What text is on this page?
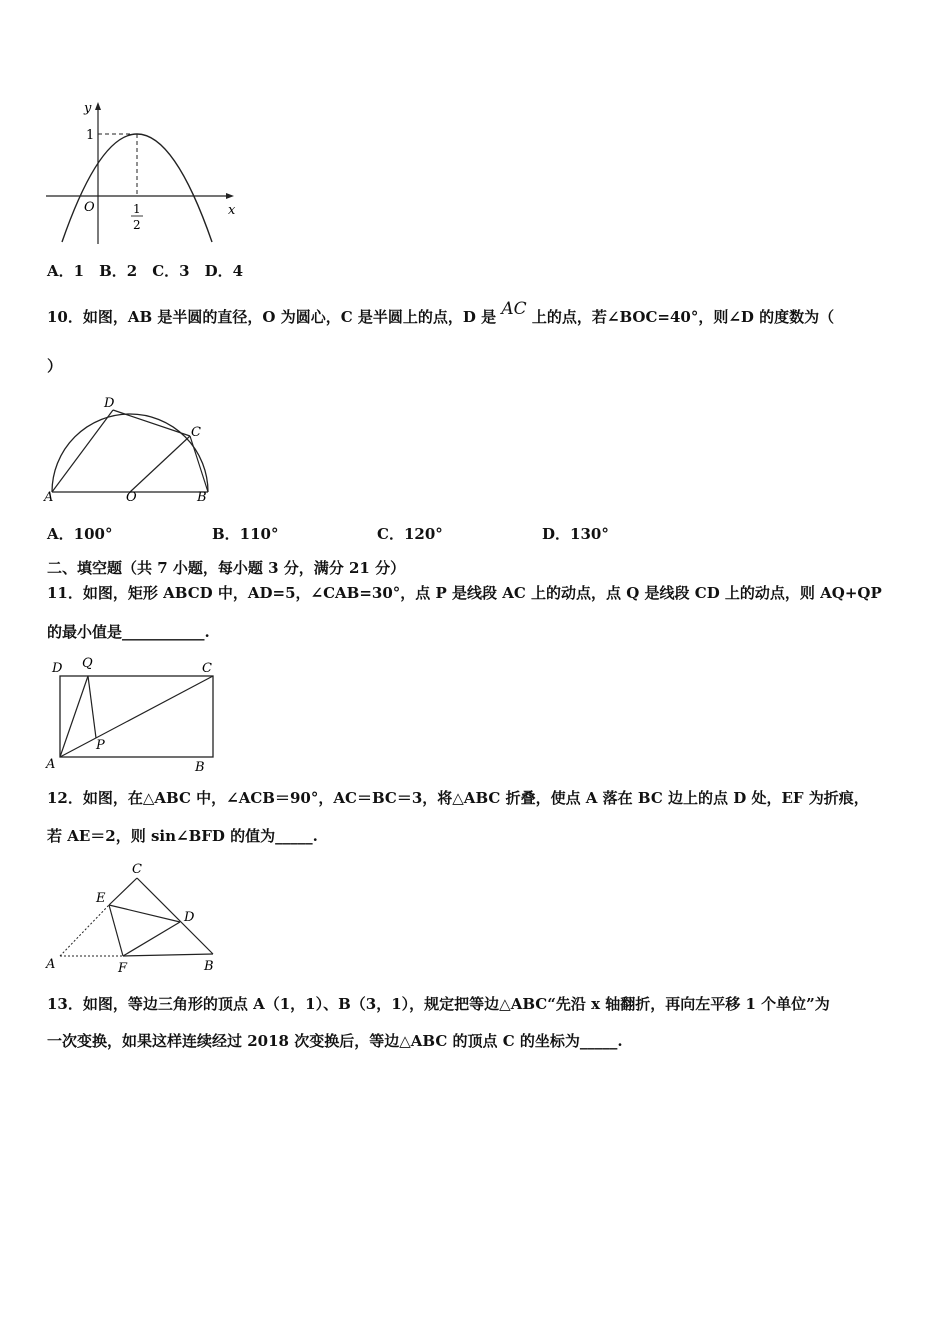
y
x
O
1
1
2
A．1　B．2　C．3　D．4
10．如图，AB 是半圆的直径，O 为圆心，C 是半圆上的点，D 是 AC 上的点，若∠BOC=40°，则∠D 的度数为（
）
D
C
A	O	B
A．100°	B．110°	C．120°	D．130°
二、填空题（共 7 小题，每小题 3 分，满分 21 分）
11．如图，矩形 ABCD 中，AD=5，∠CAB=30°，点 P 是线段 AC 上的动点，点 Q 是线段 CD 上的动点，则 AQ+QP
的最小值是___________.
D Q	C
P
A	B
12．如图，在△ABC 中，∠ACB＝90°，AC＝BC＝3，将△ABC 折叠，使点 A 落在 BC 边上的点 D 处，EF 为折痕，
若 AE＝2，则 sin∠BFD 的值为_____.
C
E
D
A	F	B
13．如图，等边三角形的顶点 A（1，1）、B（3，1），规定把等边△ABC“先沿 x 轴翻折，再向左平移 1 个单位”为
一次变换，如果这样连续经过 2018 次变换后，等边△ABC 的顶点 C 的坐标为_____.
